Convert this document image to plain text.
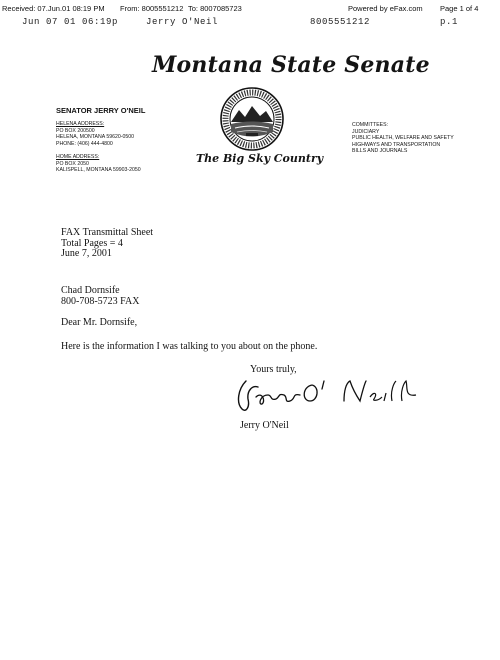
Received: 07.Jun.01 08:19 PM From: 8005551212 To: 8007085723	Powered by eFax.com Page 1 of 4
Jun 07 01 06:19p	Jerry O'Neil	8005551212	p.1
Montana State Senate
The Big Sky Country
SENATOR JERRY O'NEIL
HELENA ADDRESS:
PO BOX 200500
HELENA, MONTANA 59620-0500
PHONE: (406) 444-4800
HOME ADDRESS:
PO BOX 2050
KALISPELL, MONTANA 59903-2050
COMMITTEES:
JUDICIARY
PUBLIC HEALTH, WELFARE AND SAFETY
HIGHWAYS AND TRANSPORTATION
BILLS AND JOURNALS
FAX Transmittal Sheet
Total Pages = 4
June 7, 2001
Chad Dornsife
800-708-5723 FAX
Dear Mr. Dornsife,
Here is the information I was talking to you about on the phone.
Yours truly,
Jerry O'Neil
